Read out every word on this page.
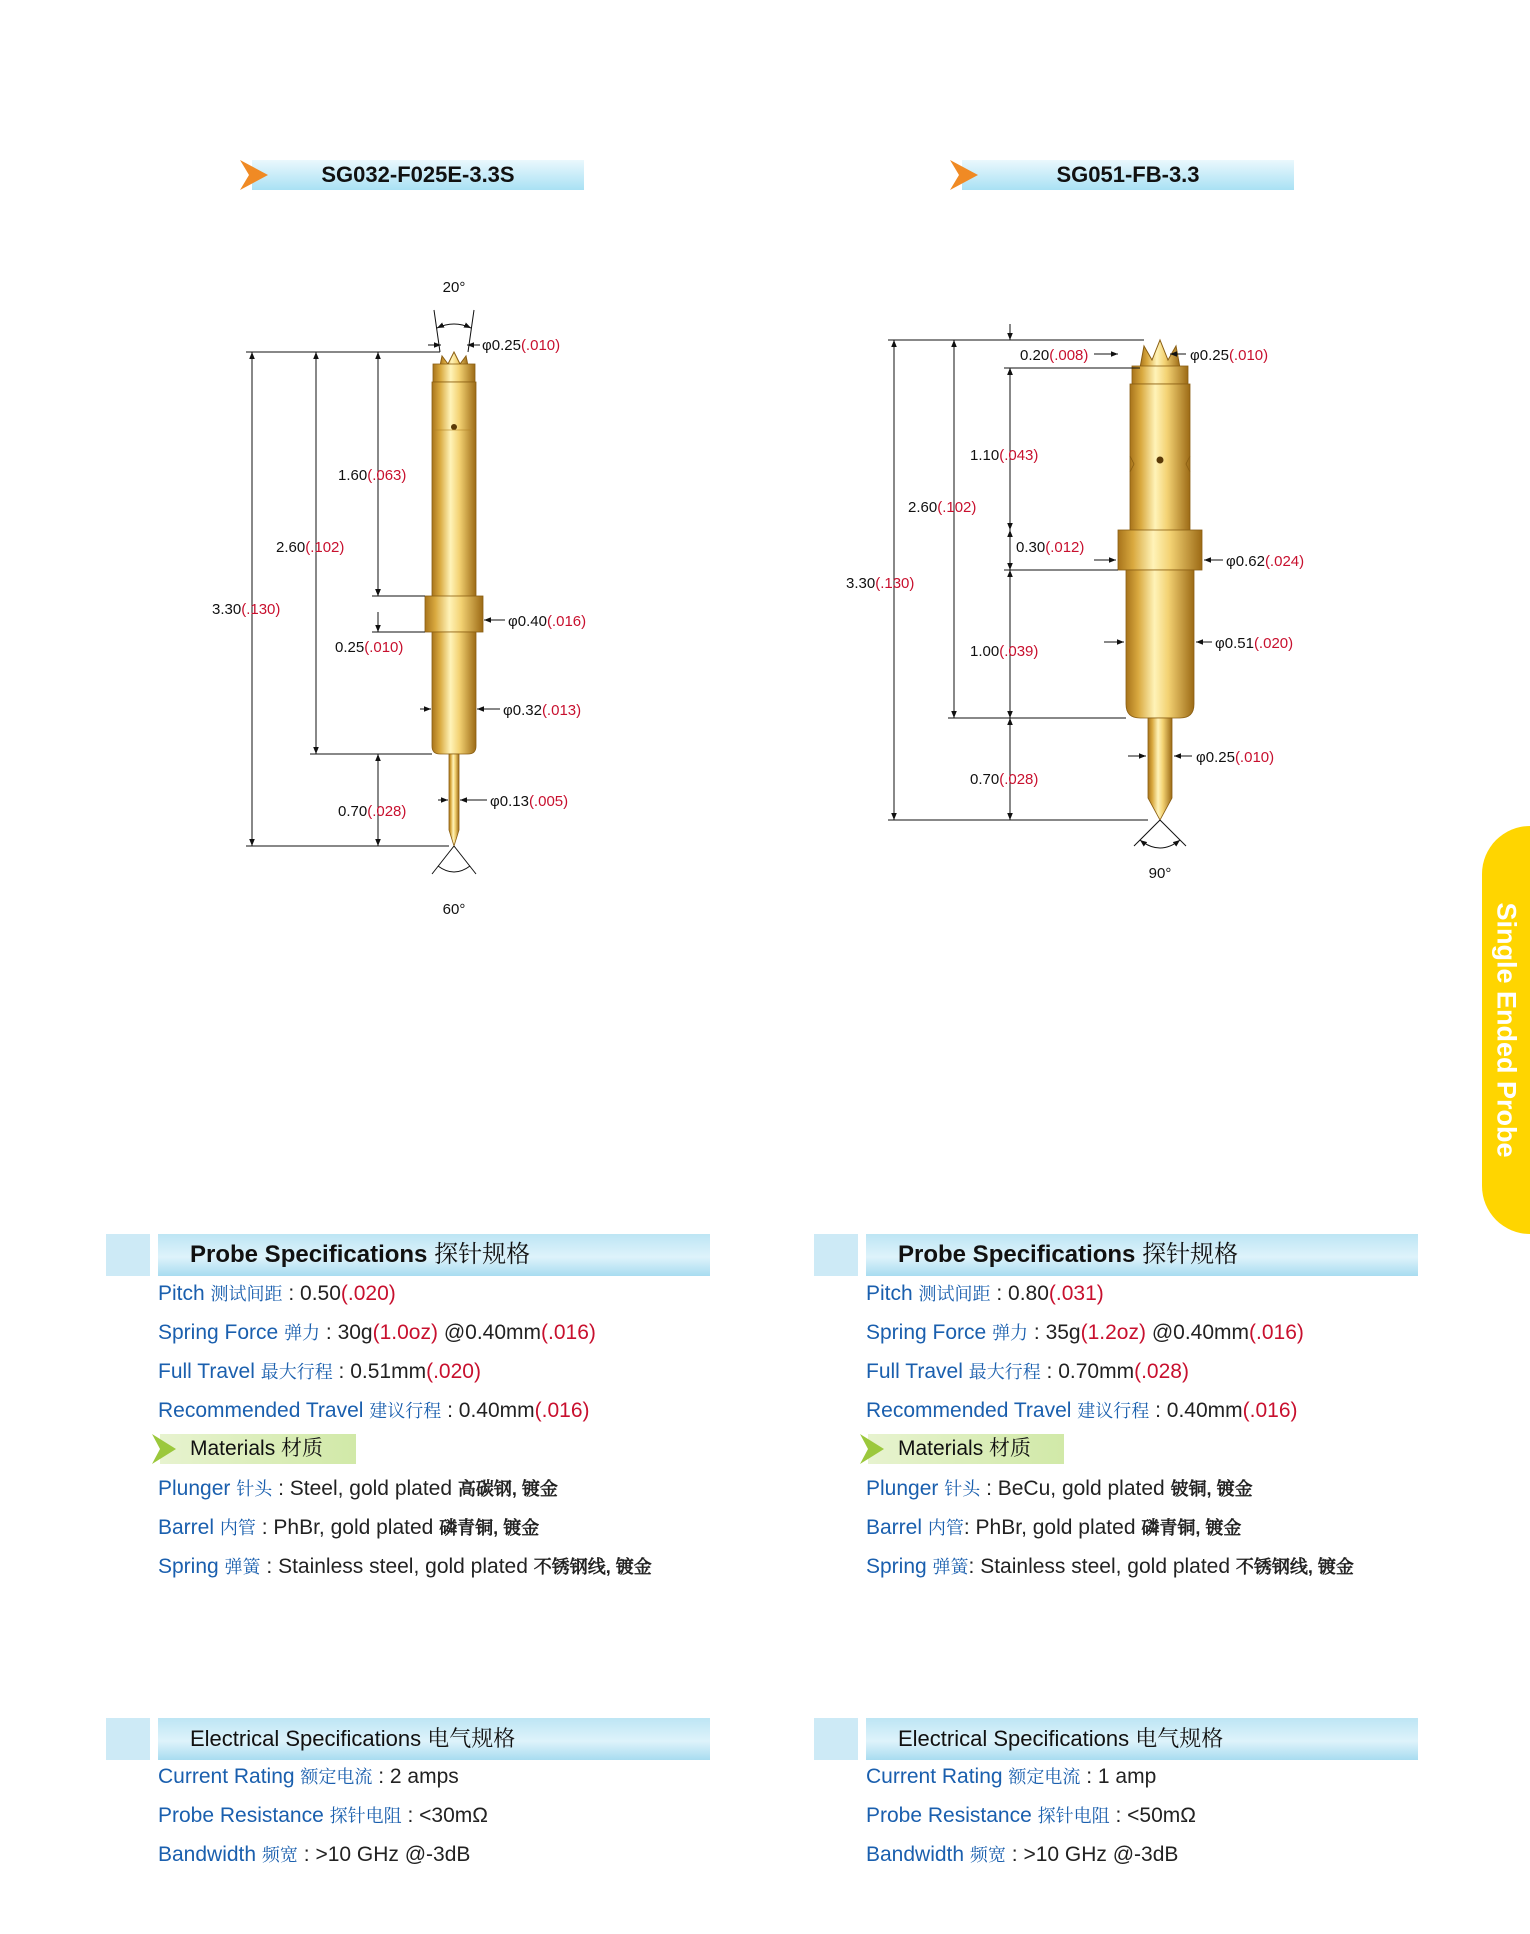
SG032-F025E-3.3S
20°
60°
φ0.25(.010)
1.60(.063)
2.60(.102)
3.30(.130)
0.25(.010)
0.70(.028)
φ0.40(.016)
φ0.32(.013)
φ0.13(.005)
Probe Specifications 探针规格
Pitch 测试间距 : 0.50(.020)
Spring Force 弹力 : 30g(1.0oz) @0.40mm(.016)
Full Travel 最大行程 : 0.51mm(.020)
Recommended Travel 建议行程 : 0.40mm(.016)
Materials 材质
Plunger 针头 : Steel, gold plated 高碳钢, 镀金
Barrel 内管 : PhBr, gold plated 磷青铜, 镀金
Spring 弹簧 : Stainless steel, gold plated 不锈钢线, 镀金
Electrical Specifications 电气规格
Current Rating 额定电流 : 2 amps
Probe Resistance 探针电阻 : <30mΩ
Bandwidth 频宽 : >10 GHz @-3dB
SG051-FB-3.3
90°
φ0.25(.010)
0.20(.008)
1.10(.043)
2.60(.102)
3.30(.130)
0.30(.012)
1.00(.039)
0.70(.028)
φ0.62(.024)
φ0.51(.020)
φ0.25(.010)
Probe Specifications 探针规格
Pitch 测试间距 : 0.80(.031)
Spring Force 弹力 : 35g(1.2oz) @0.40mm(.016)
Full Travel 最大行程 : 0.70mm(.028)
Recommended Travel 建议行程 : 0.40mm(.016)
Materials 材质
Plunger 针头 : BeCu, gold plated 铍铜, 镀金
Barrel 内管: PhBr, gold plated 磷青铜, 镀金
Spring 弹簧: Stainless steel, gold plated 不锈钢线, 镀金
Electrical Specifications 电气规格
Current Rating 额定电流 : 1 amp
Probe Resistance 探针电阻 : <50mΩ
Bandwidth 频宽 : >10 GHz @-3dB
Single Ended Probe
